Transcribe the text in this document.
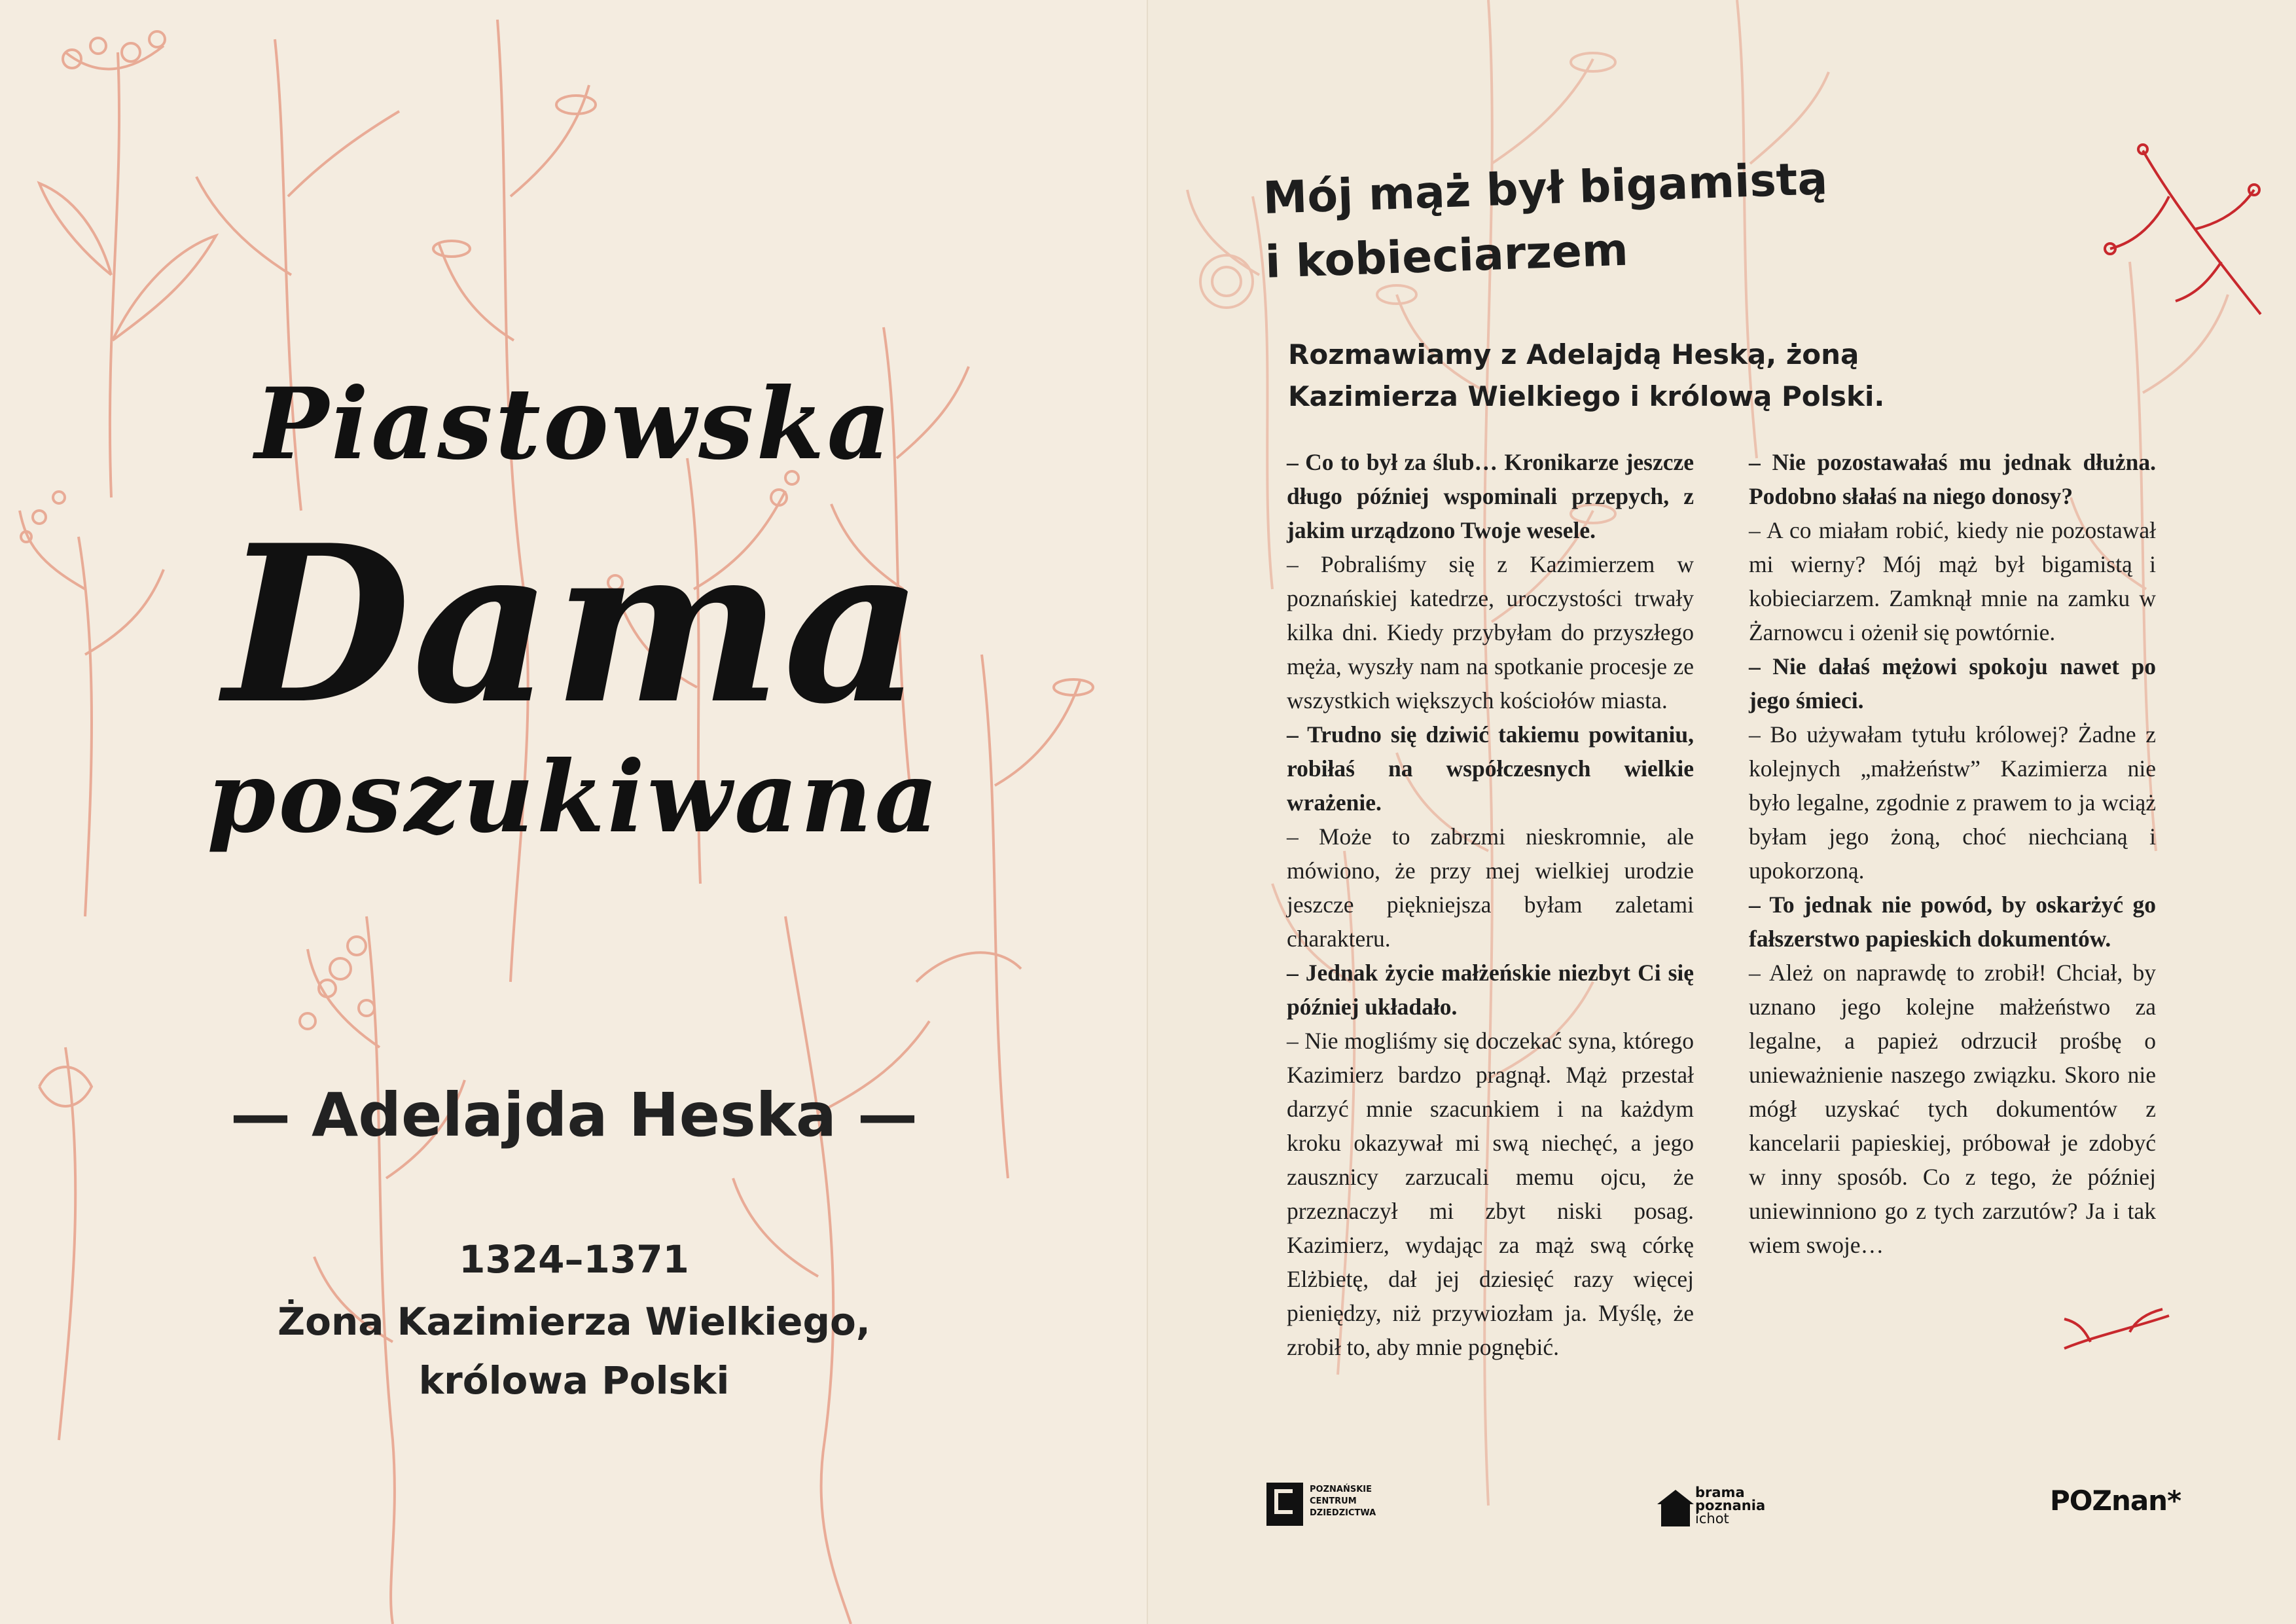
Piastowska
Dama
poszukiwana
— Adelajda Heska —
1324–1371
Żona Kazimierza Wielkiego,
królowa Polski
Mój mąż był bigamistą
i kobieciarzem
Rozmawiamy z Adelajdą Heską, żoną Kazimierza Wielkiego i królową Polski.

– Co to był za ślub… Kronikarze jeszcze długo później wspominali przepych, z jakim urządzono Twoje wesele.

– Pobraliśmy się z Kazimierzem w poznańskiej katedrze, uroczystości trwały kilka dni. Kiedy przybyłam do przyszłego męża, wyszły nam na spotkanie procesje ze wszystkich większych kościołów miasta.

– Trudno się dziwić takiemu powitaniu, robiłaś na współczesnych wielkie wrażenie.

– Może to zabrzmi nieskromnie, ale mówiono, że przy mej wielkiej urodzie jeszcze piękniejsza byłam zaletami charakteru.

– Jednak życie małżeńskie niezbyt Ci się później układało.

– Nie mogliśmy się doczekać syna, którego Kazimierz bardzo pragnął. Mąż przestał darzyć mnie szacunkiem i na każdym kroku okazywał mi swą niechęć, a jego zausznicy zarzucali memu ojcu, że przeznaczył mi zbyt niski posag. Kazimierz, wydając za mąż swą córkę Elżbietę, dał jej dziesięć razy więcej pieniędzy, niż przywiozłam ja. Myślę, że zrobił to, aby mnie pognębić.

– Nie pozostawałaś mu jednak dłużna. Podobno słałaś na niego donosy?

– A co miałam robić, kiedy nie pozostawał mi wierny? Mój mąż był bigamistą i kobieciarzem. Zamknął mnie na zamku w Żarnowcu i ożenił się powtórnie.

– Nie dałaś mężowi spokoju nawet po jego śmieci.

– Bo używałam tytułu królowej? Żadne z kolejnych „małżeństw” Kazimierza nie było legalne, zgodnie z prawem to ja wciąż byłam jego żoną, choć niechcianą i upokorzoną.

– To jednak nie powód, by oskarżyć go fałszerstwo papieskich dokumentów.

– Ależ on naprawdę to zrobił! Chciał, by uznano jego kolejne małżeństwo za legalne, a papież odrzucił prośbę o unieważnienie naszego związku. Skoro nie mógł uzyskać tych dokumentów z kancelarii papieskiej, próbował je zdobyć w inny sposób. Co z tego, że później uniewinniono go z tych zarzutów? Ja i tak wiem swoje…

POZNAŃSKIE
CENTRUM
DZIEDZICTWA
brama
poznania
ichot
POZnan*
